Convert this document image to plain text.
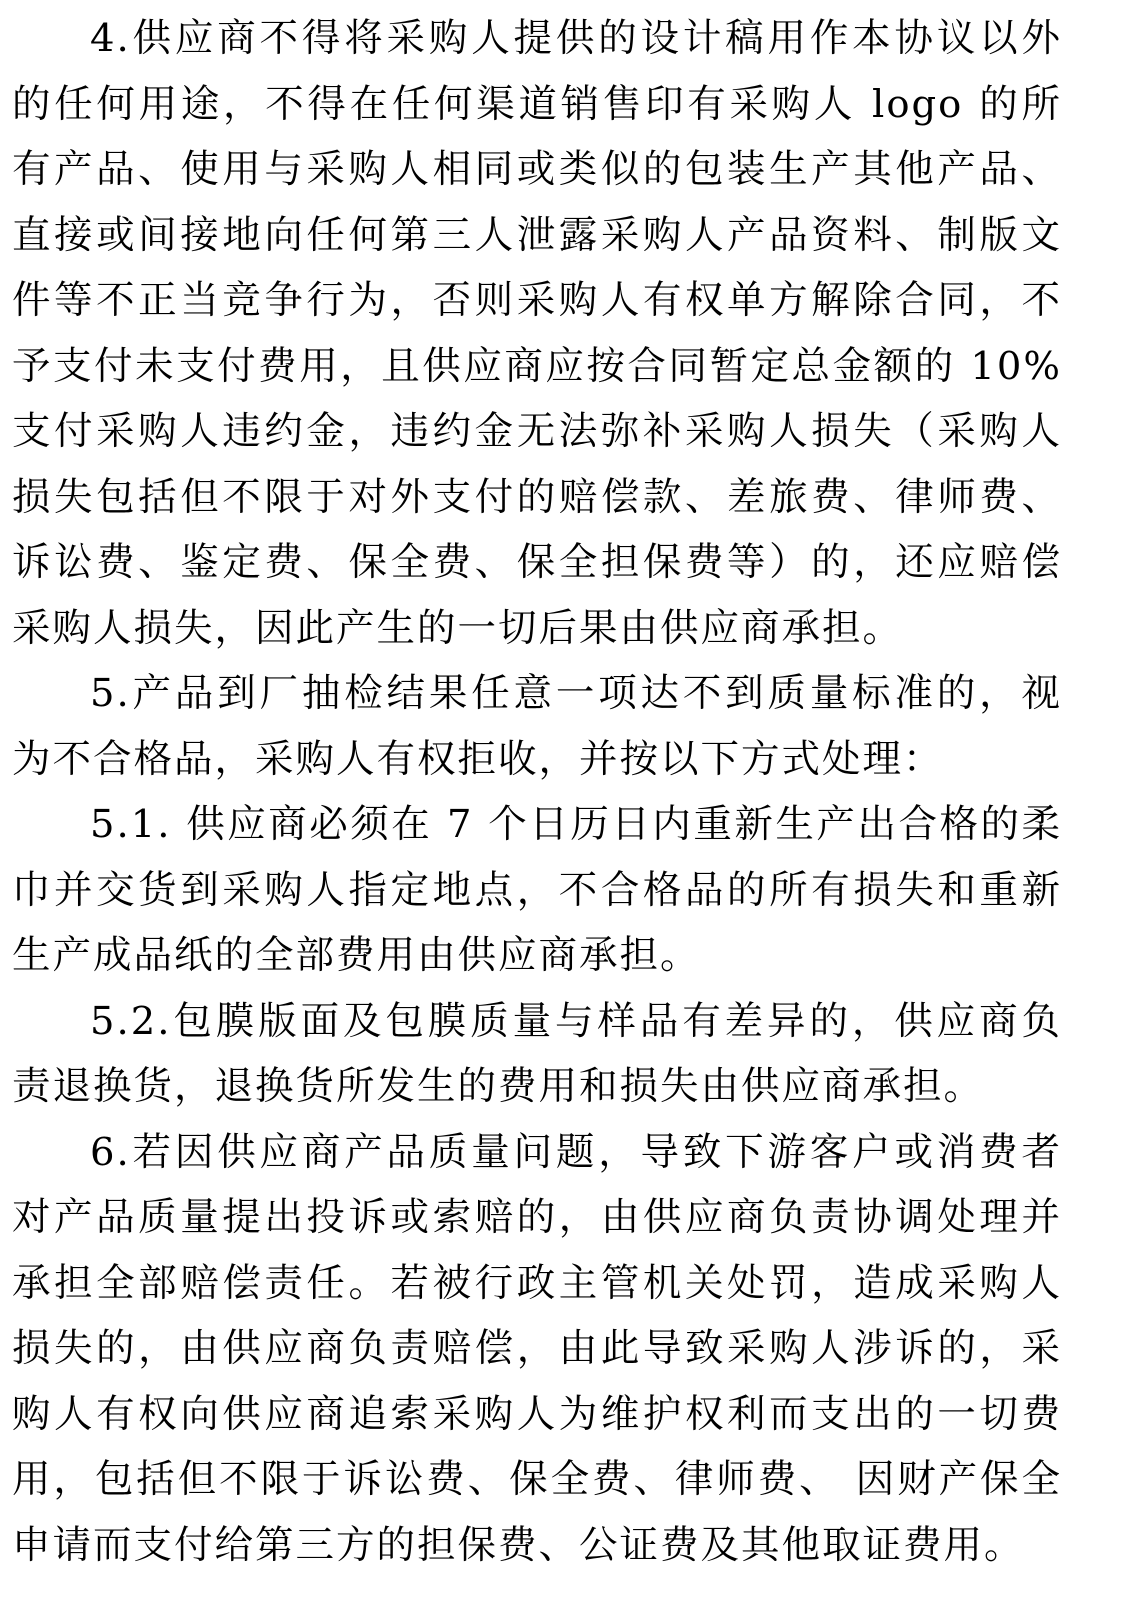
4.供应商不得将采购人提供的设计稿用作本协议以外的任何用途，不得在任何渠道销售印有采购人 logo 的所有产品、使用与采购人相同或类似的包装生产其他产品、直接或间接地向任何第三人泄露采购人产品资料、制版文件等不正当竞争行为，否则采购人有权单方解除合同，不予支付未支付费用，且供应商应按合同暂定总金额的 10%支付采购人违约金，违约金无法弥补采购人损失（采购人损失包括但不限于对外支付的赔偿款、差旅费、律师费、诉讼费、鉴定费、保全费、保全担保费等）的，还应赔偿采购人损失，因此产生的一切后果由供应商承担。

5.产品到厂抽检结果任意一项达不到质量标准的，视为不合格品，采购人有权拒收，并按以下方式处理：

5.1. 供应商必须在 7 个日历日内重新生产出合格的柔巾并交货到采购人指定地点，不合格品的所有损失和重新生产成品纸的全部费用由供应商承担。

5.2.包膜版面及包膜质量与样品有差异的，供应商负责退换货，退换货所发生的费用和损失由供应商承担。

6.若因供应商产品质量问题，导致下游客户或消费者对产品质量提出投诉或索赔的，由供应商负责协调处理并承担全部赔偿责任。若被行政主管机关处罚，造成采购人损失的，由供应商负责赔偿，由此导致采购人涉诉的，采购人有权向供应商追索采购人为维护权利而支出的一切费用，包括但不限于诉讼费、保全费、律师费、 因财产保全申请而支付给第三方的担保费、公证费及其他取证费用。
